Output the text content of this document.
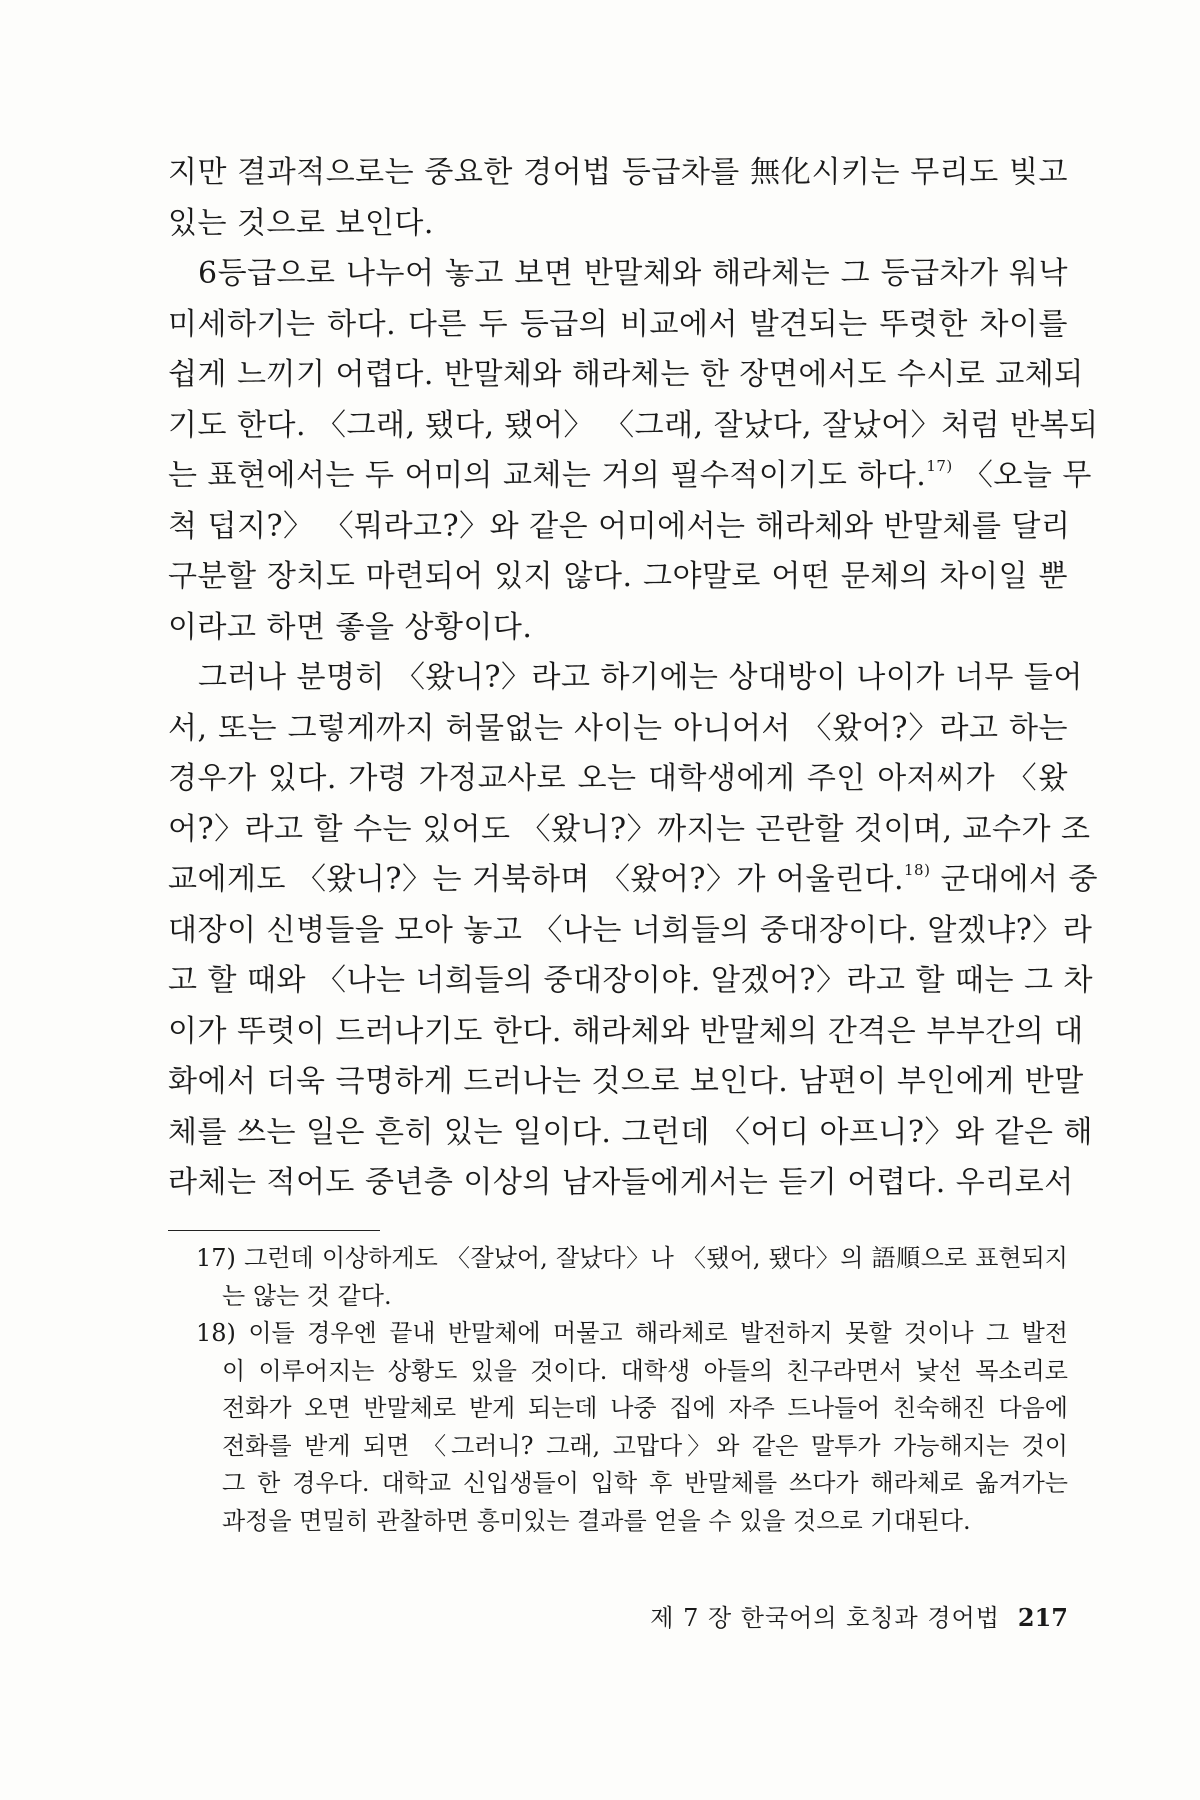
지만 결과적으로는 중요한 경어법 등급차를 無化시키는 무리도 빚고
있는 것으로 보인다.
6등급으로 나누어 놓고 보면 반말체와 해라체는 그 등급차가 워낙
미세하기는 하다. 다른 두 등급의 비교에서 발견되는 뚜렷한 차이를
쉽게 느끼기 어렵다. 반말체와 해라체는 한 장면에서도 수시로 교체되
기도 한다. 〈그래, 됐다, 됐어〉 〈그래, 잘났다, 잘났어〉처럼 반복되
는 표현에서는 두 어미의 교체는 거의 필수적이기도 하다.$^{17)}$ 〈오늘 무
척 덥지?〉 〈뭐라고?〉와 같은 어미에서는 해라체와 반말체를 달리
구분할 장치도 마련되어 있지 않다. 그야말로 어떤 문체의 차이일 뿐
이라고 하면 좋을 상황이다.
그러나 분명히 〈왔니?〉라고 하기에는 상대방이 나이가 너무 들어
서, 또는 그렇게까지 허물없는 사이는 아니어서 〈왔어?〉라고 하는
경우가 있다. 가령 가정교사로 오는 대학생에게 주인 아저씨가 〈왔
어?〉라고 할 수는 있어도 〈왔니?〉까지는 곤란할 것이며, 교수가 조
교에게도 〈왔니?〉는 거북하며 〈왔어?〉가 어울린다.$^{18)}$ 군대에서 중
대장이 신병들을 모아 놓고 〈나는 너희들의 중대장이다. 알겠냐?〉라
고 할 때와 〈나는 너희들의 중대장이야. 알겠어?〉라고 할 때는 그 차
이가 뚜렷이 드러나기도 한다. 해라체와 반말체의 간격은 부부간의 대
화에서 더욱 극명하게 드러나는 것으로 보인다. 남편이 부인에게 반말
체를 쓰는 일은 흔히 있는 일이다. 그런데 〈어디 아프니?〉와 같은 해
라체는 적어도 중년층 이상의 남자들에게서는 듣기 어렵다. 우리로서
17) 그런데 이상하게도 〈잘났어, 잘났다〉나 〈됐어, 됐다〉의 語順으로 표현되지
는 않는 것 같다.
18) 이들 경우엔 끝내 반말체에 머물고 해라체로 발전하지 못할 것이나 그 발전
이 이루어지는 상황도 있을 것이다. 대학생 아들의 친구라면서 낯선 목소리로
전화가 오면 반말체로 받게 되는데 나중 집에 자주 드나들어 친숙해진 다음에
전화를 받게 되면 〈그러니? 그래, 고맙다〉와 같은 말투가 가능해지는 것이
그 한 경우다. 대학교 신입생들이 입학 후 반말체를 쓰다가 해라체로 옮겨가는
과정을 면밀히 관찰하면 흥미있는 결과를 얻을 수 있을 것으로 기대된다.
제 7 장 한국어의 호칭과 경어법 217
